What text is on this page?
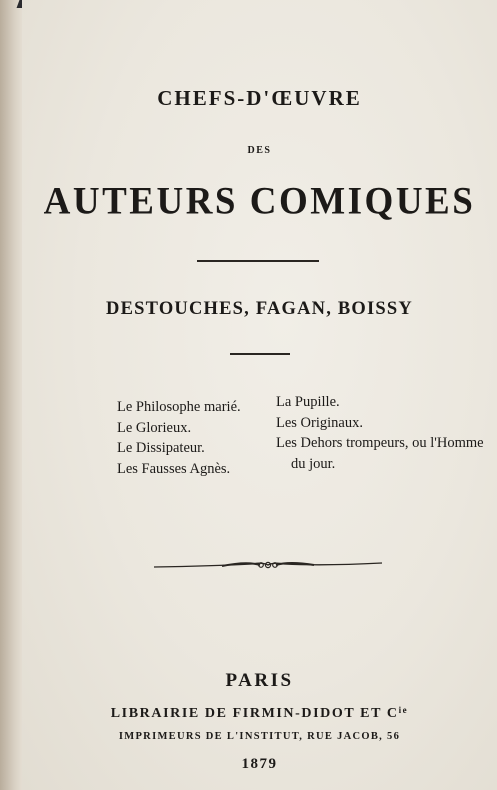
CHEFS-D'ŒUVRE
DES
AUTEURS COMIQUES
DESTOUCHES, FAGAN, BOISSY
Le Philosophe marié.
Le Glorieux.
Le Dissipateur.
Les Fausses Agnès.
La Pupille.
Les Originaux.
Les Dehors trompeurs, ou l'Homme
du jour.
PARIS
LIBRAIRIE DE FIRMIN-DIDOT ET $C^{ie}$
IMPRIMEURS DE L'INSTITUT, RUE JACOB, 56
1879
